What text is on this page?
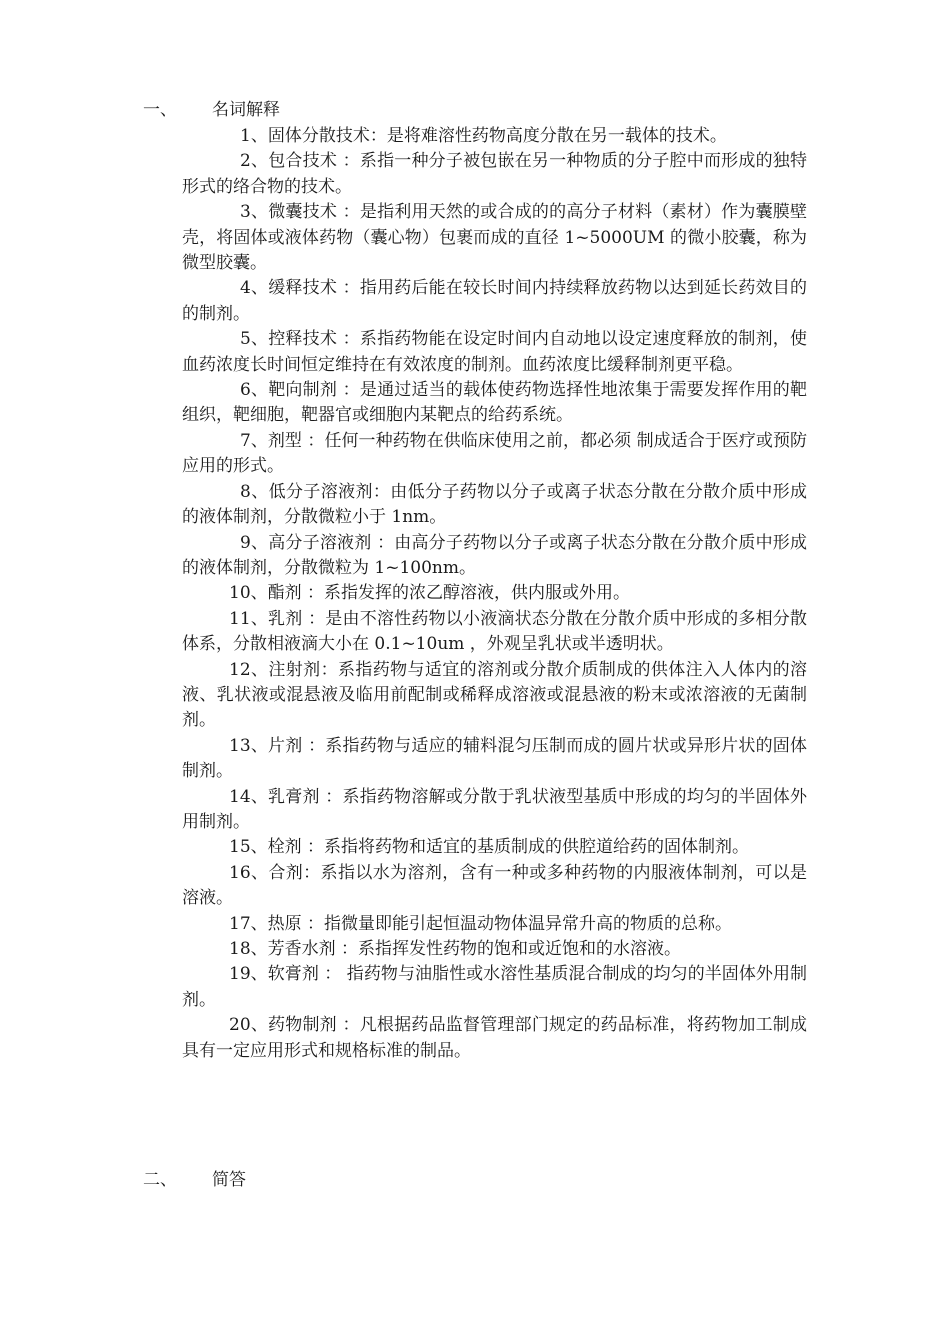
一、 名词解释

1、固体分散技术：是将难溶性药物高度分散在另一载体的技术。

2、包合技术 ：系指一种分子被包嵌在另一种物质的分子腔中而形成的独特形式的络合物的技术。

3、微囊技术 ：是指利用天然的或合成的的高分子材料（素材）作为囊膜壁壳，将固体或液体药物（囊心物）包裹而成的直径 1~5000UM 的微小胶囊，称为微型胶囊。

4、缓释技术 ：指用药后能在较长时间内持续释放药物以达到延长药效目的的制剂。

5、控释技术 ：系指药物能在设定时间内自动地以设定速度释放的制剂，使血药浓度长时间恒定维持在有效浓度的制剂。血药浓度比缓释制剂更平稳。

6、靶向制剂 ：是通过适当的载体使药物选择性地浓集于需要发挥作用的靶组织，靶细胞，靶器官或细胞内某靶点的给药系统。

7、剂型 ：任何一种药物在供临床使用之前，都必须 制成适合于医疗或预防应用的形式。

8、低分子溶液剂：由低分子药物以分子或离子状态分散在分散介质中形成的液体制剂，分散微粒小于 1nm。

9、高分子溶液剂 ：由高分子药物以分子或离子状态分散在分散介质中形成的液体制剂，分散微粒为 1~100nm。

10、酯剂 ：系指发挥的浓乙醇溶液，供内服或外用。

11、乳剂 ：是由不溶性药物以小液滴状态分散在分散介质中形成的多相分散体系，分散相液滴大小在 0.1~10um ，外观呈乳状或半透明状。

12、注射剂：系指药物与适宜的溶剂或分散介质制成的供体注入人体内的溶液、乳状液或混悬液及临用前配制或稀释成溶液或混悬液的粉末或浓溶液的无菌制剂。

13、片剂 ：系指药物与适应的辅料混匀压制而成的圆片状或异形片状的固体制剂。

14、乳膏剂 ：系指药物溶解或分散于乳状液型基质中形成的均匀的半固体外用制剂。

15、栓剂 ：系指将药物和适宜的基质制成的供腔道给药的固体制剂。

16、合剂：系指以水为溶剂，含有一种或多种药物的内服液体制剂，可以是溶液。

17、热原 ：指微量即能引起恒温动物体温异常升高的物质的总称。

18、芳香水剂 ：系指挥发性药物的饱和或近饱和的水溶液。

19、软膏剂 ： 指药物与油脂性或水溶性基质混合制成的均匀的半固体外用制剂。

20、药物制剂 ：凡根据药品监督管理部门规定的药品标准，将药物加工制成具有一定应用形式和规格标准的制品。

二、 简答
